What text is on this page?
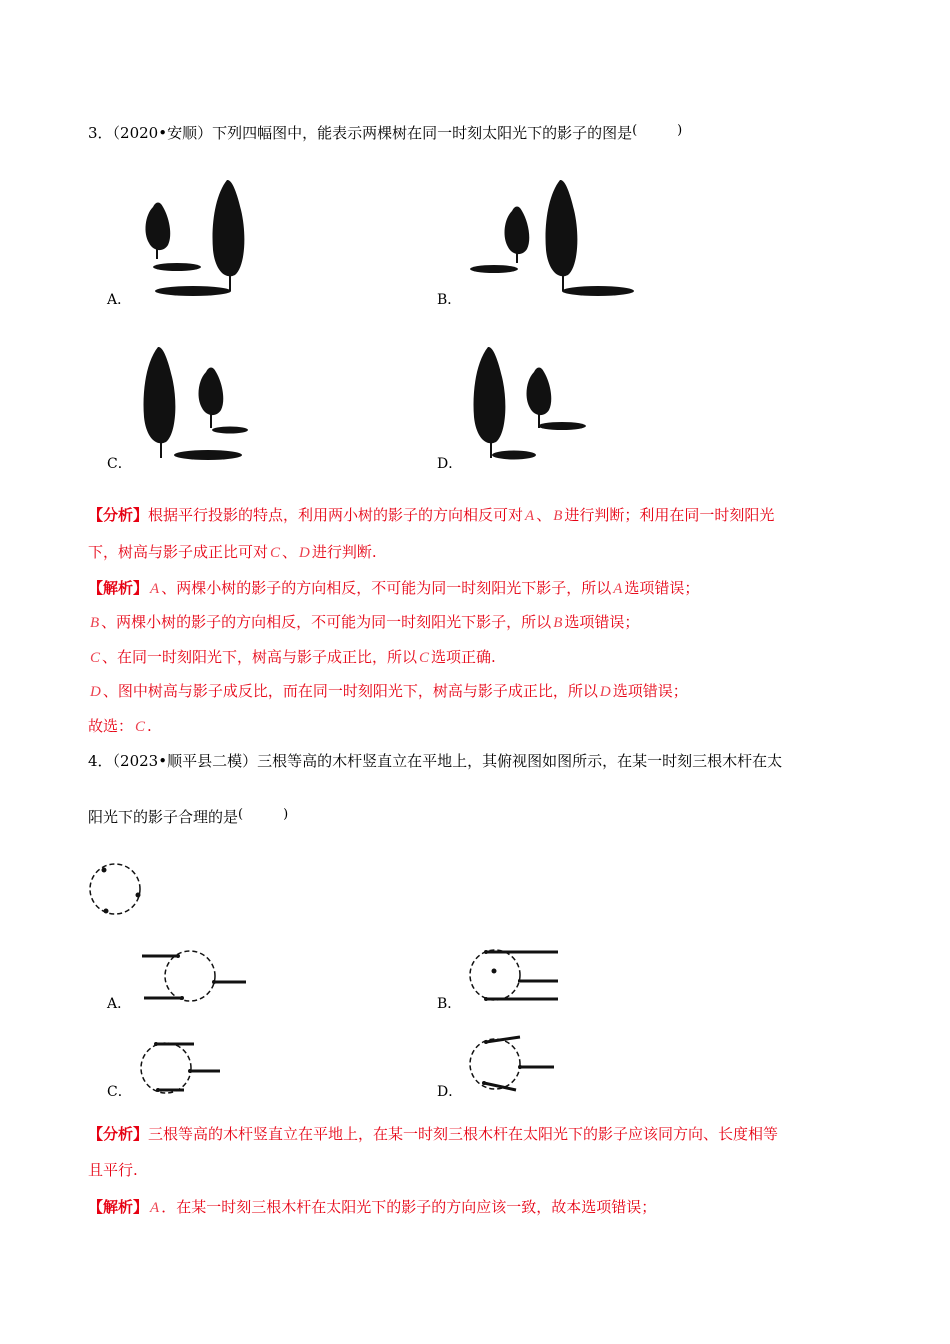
3．（2020•安顺）下列四幅图中，能表示两棵树在同一时刻太阳光下的影子的图是(	)
A．	B．
C．	D．
【分析】根据平行投影的特点，利用两小树的影子的方向相反可对 A 、 B 进行判断；利用在同一时刻阳光
下，树高与影子成正比可对 C 、 D 进行判断.
【解析】 A 、两棵小树的影子的方向相反，不可能为同一时刻阳光下影子，所以 A 选项错误；
B 、两棵小树的影子的方向相反，不可能为同一时刻阳光下影子，所以 B 选项错误；
C 、在同一时刻阳光下，树高与影子成正比，所以 C 选项正确.
D 、图中树高与影子成反比，而在同一时刻阳光下，树高与影子成正比，所以 D 选项错误；
故选： C .
4．（2023•顺平县二模）三根等高的木杆竖直立在平地上，其俯视图如图所示，在某一时刻三根木杆在太
阳光下的影子合理的是(	)
A．	B．
C．	D．
【分析】三根等高的木杆竖直立在平地上，在某一时刻三根木杆在太阳光下的影子应该同方向、长度相等
且平行.
【解析】 A ．在某一时刻三根木杆在太阳光下的影子的方向应该一致，故本选项错误；
